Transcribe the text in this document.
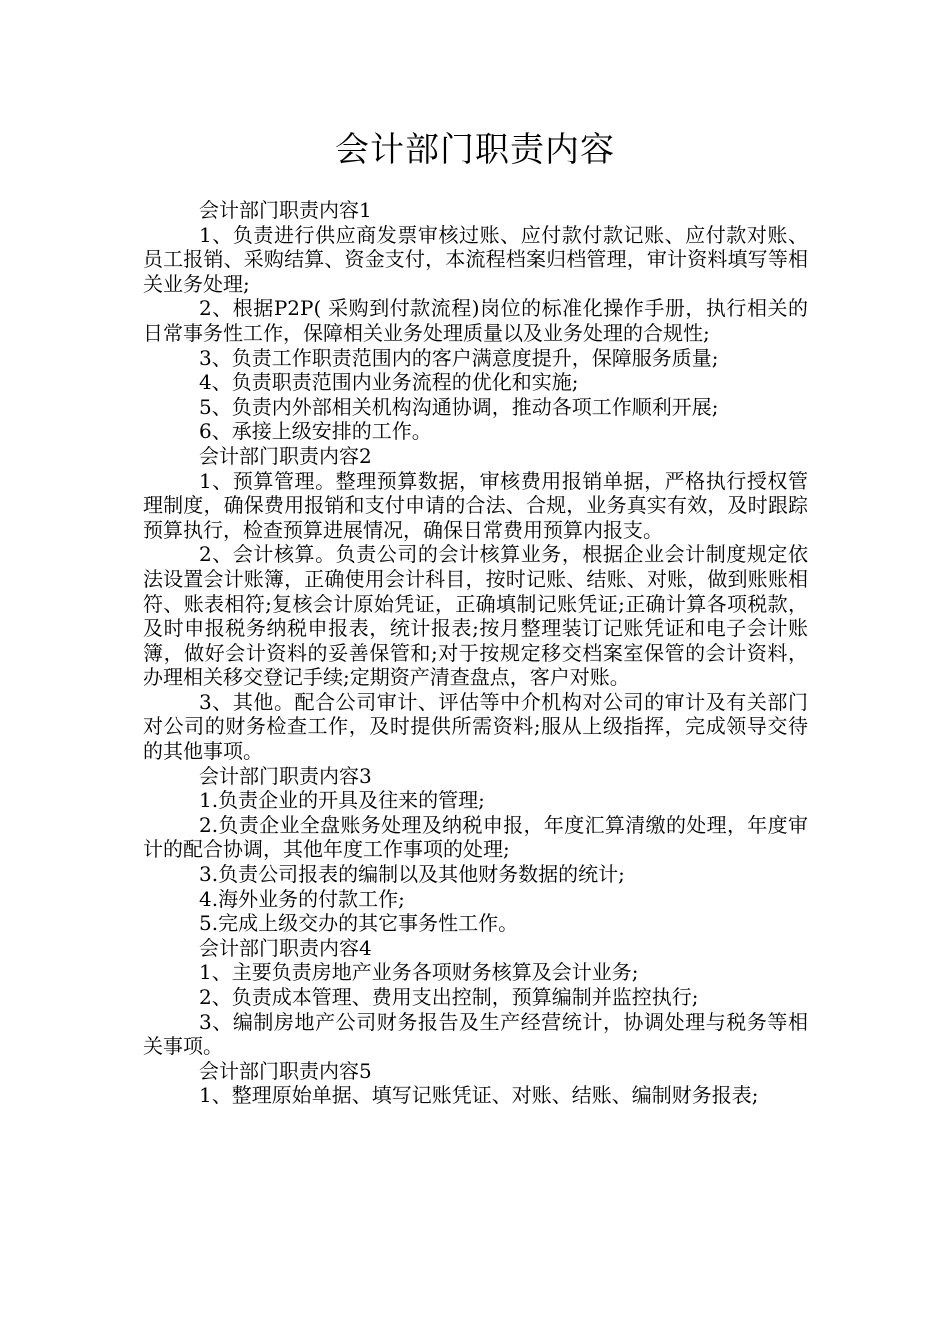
会计部门职责内容

会计部门职责内容1

1、负责进行供应商发票审核过账、应付款付款记账、应付款对账、员工报销、采购结算、资金支付，本流程档案归档管理，审计资料填写等相关业务处理;

2、根据P2P( 采购到付款流程)岗位的标准化操作手册，执行相关的日常事务性工作，保障相关业务处理质量以及业务处理的合规性;

3、负责工作职责范围内的客户满意度提升，保障服务质量;

4、负责职责范围内业务流程的优化和实施;

5、负责内外部相关机构沟通协调，推动各项工作顺利开展;

6、承接上级安排的工作。

会计部门职责内容2

1、预算管理。整理预算数据，审核费用报销单据，严格执行授权管理制度，确保费用报销和支付申请的合法、合规，业务真实有效，及时跟踪预算执行，检查预算进展情况，确保日常费用预算内报支。

2、会计核算。负责公司的会计核算业务，根据企业会计制度规定依法设置会计账簿，正确使用会计科目，按时记账、结账、对账，做到账账相符、账表相符;复核会计原始凭证，正确填制记账凭证;正确计算各项税款，及时申报税务纳税申报表，统计报表;按月整理装订记账凭证和电子会计账簿，做好会计资料的妥善保管和;对于按规定移交档案室保管的会计资料，办理相关移交登记手续;定期资产清查盘点，客户对账。

3、其他。配合公司审计、评估等中介机构对公司的审计及有关部门对公司的财务检查工作，及时提供所需资料;服从上级指挥，完成领导交待的其他事项。

会计部门职责内容3

1.负责企业的开具及往来的管理;

2.负责企业全盘账务处理及纳税申报，年度汇算清缴的处理，年度审计的配合协调，其他年度工作事项的处理;

3.负责公司报表的编制以及其他财务数据的统计;

4.海外业务的付款工作;

5.完成上级交办的其它事务性工作。

会计部门职责内容4

1、主要负责房地产业务各项财务核算及会计业务;

2、负责成本管理、费用支出控制，预算编制并监控执行;

3、编制房地产公司财务报告及生产经营统计，协调处理与税务等相关事项。

会计部门职责内容5

1、整理原始单据、填写记账凭证、对账、结账、编制财务报表;
